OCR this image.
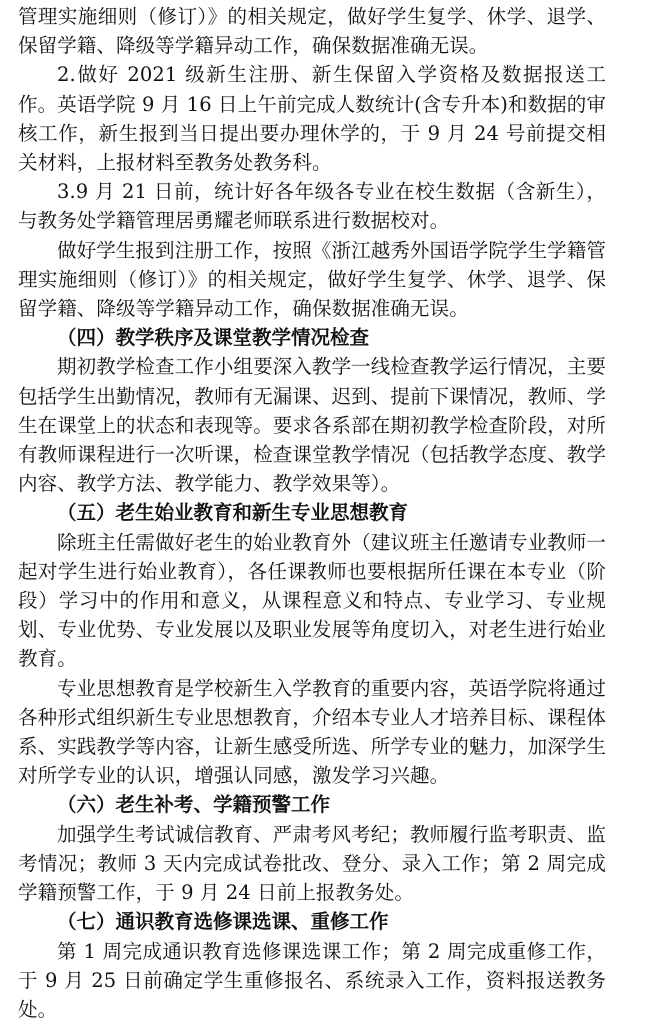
管理实施细则（修订）》的相关规定，做好学生复学、休学、退学、保留学籍、降级等学籍异动工作，确保数据准确无误。

2.做好 2021 级新生注册、新生保留入学资格及数据报送工作。英语学院 9 月 16 日上午前完成人数统计(含专升本)和数据的审核工作，新生报到当日提出要办理休学的，于 9 月 24 号前提交相关材料，上报材料至教务处教务科。

3.9 月 21 日前，统计好各年级各专业在校生数据（含新生），与教务处学籍管理居勇耀老师联系进行数据校对。

做好学生报到注册工作，按照《浙江越秀外国语学院学生学籍管理实施细则（修订）》的相关规定，做好学生复学、休学、退学、保留学籍、降级等学籍异动工作，确保数据准确无误。

（四）教学秩序及课堂教学情况检查

期初教学检查工作小组要深入教学一线检查教学运行情况，主要包括学生出勤情况，教师有无漏课、迟到、提前下课情况，教师、学生在课堂上的状态和表现等。要求各系部在期初教学检查阶段，对所有教师课程进行一次听课，检查课堂教学情况（包括教学态度、教学内容、教学方法、教学能力、教学效果等）。

（五）老生始业教育和新生专业思想教育

除班主任需做好老生的始业教育外（建议班主任邀请专业教师一起对学生进行始业教育），各任课教师也要根据所任课在本专业（阶段）学习中的作用和意义，从课程意义和特点、专业学习、专业规划、专业优势、专业发展以及职业发展等角度切入，对老生进行始业教育。

专业思想教育是学校新生入学教育的重要内容，英语学院将通过各种形式组织新生专业思想教育，介绍本专业人才培养目标、课程体系、实践教学等内容，让新生感受所选、所学专业的魅力，加深学生对所学专业的认识，增强认同感，激发学习兴趣。

（六）老生补考、学籍预警工作

加强学生考试诚信教育、严肃考风考纪；教师履行监考职责、监考情况；教师 3 天内完成试卷批改、登分、录入工作；第 2 周完成学籍预警工作，于 9 月 24 日前上报教务处。

（七）通识教育选修课选课、重修工作

第 1 周完成通识教育选修课选课工作；第 2 周完成重修工作，于 9 月 25 日前确定学生重修报名、系统录入工作，资料报送教务处。
